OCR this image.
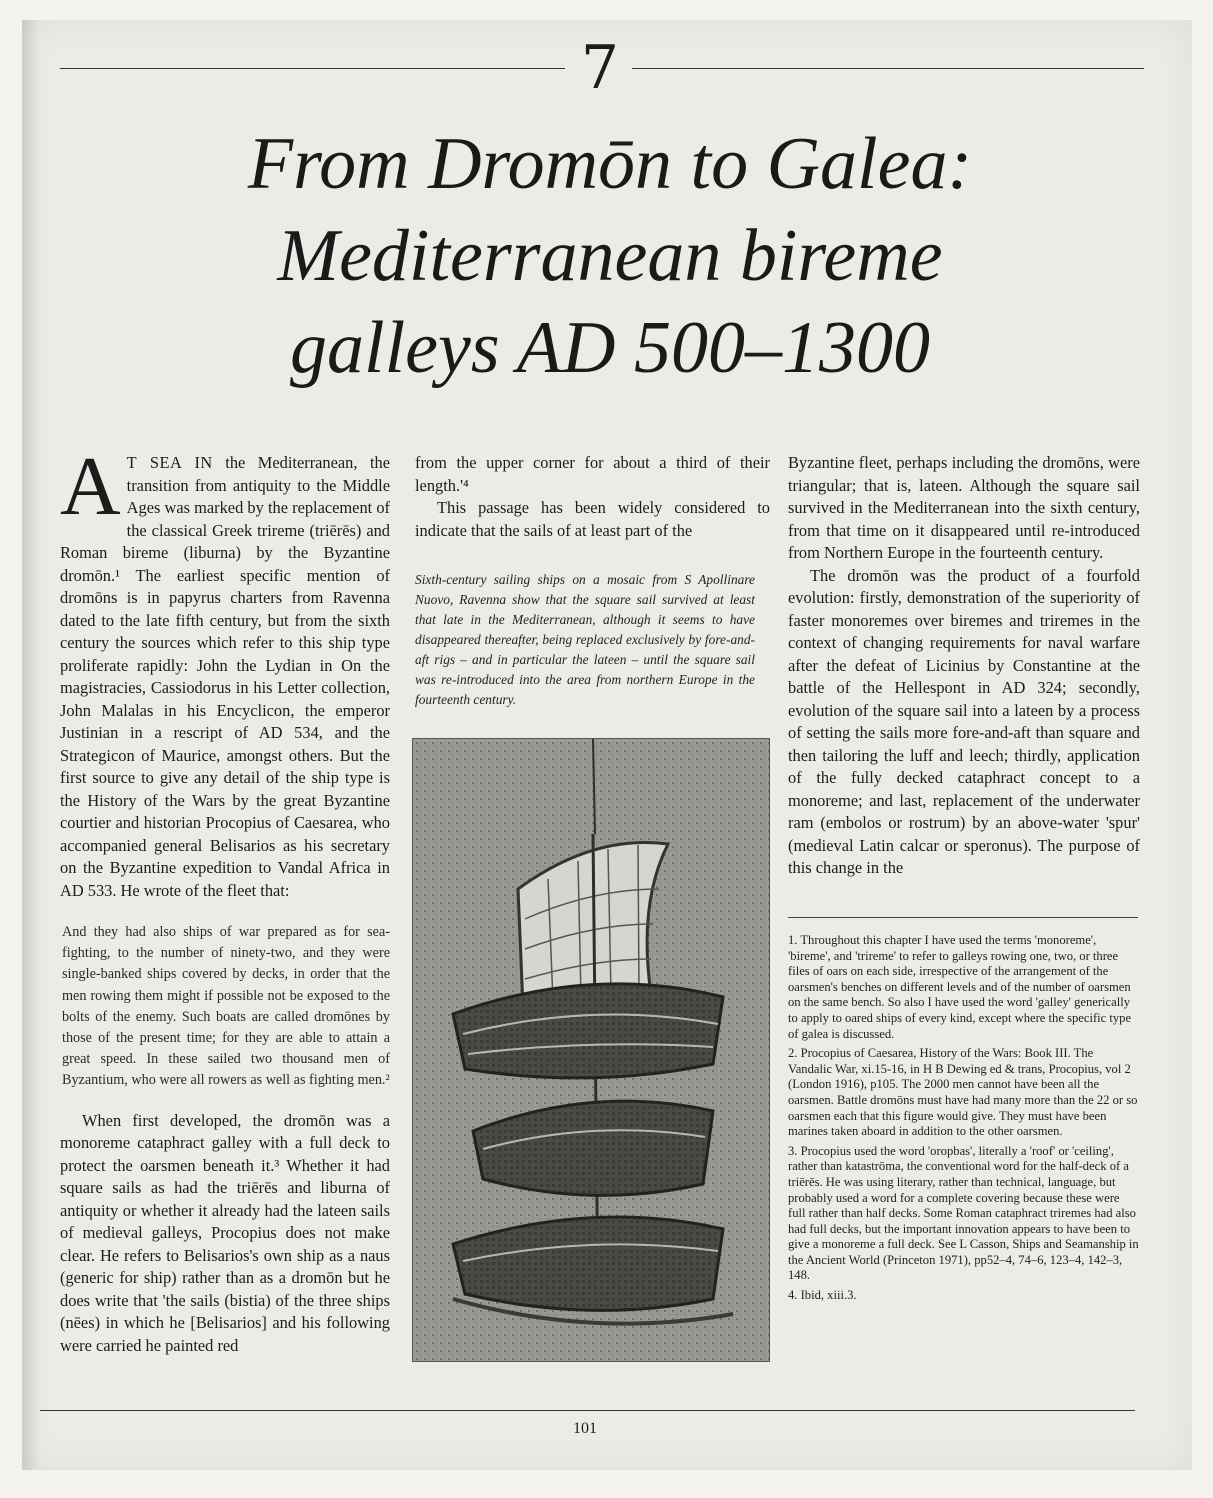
7
From Dromōn to Galea:
Mediterranean bireme
galleys AD 500–1300

A T SEA IN the Mediterranean, the transition from antiquity to the Middle Ages was marked by the replacement of the classical Greek trireme (triērēs) and Roman bireme (liburna) by the Byzantine dromōn.¹ The earliest specific mention of dromōns is in papyrus charters from Ravenna dated to the late fifth century, but from the sixth century the sources which refer to this ship type proliferate rapidly: John the Lydian in On the magistracies, Cassiodorus in his Letter collection, John Malalas in his Encyclicon, the emperor Justinian in a rescript of AD 534, and the Strategicon of Maurice, amongst others. But the first source to give any detail of the ship type is the History of the Wars by the great Byzantine courtier and historian Procopius of Caesarea, who accompanied general Belisarios as his secretary on the Byzantine expedition to Vandal Africa in AD 533. He wrote of the fleet that:

And they had also ships of war prepared as for sea-fighting, to the number of ninety-two, and they were single-banked ships covered by decks, in order that the men rowing them might if possible not be exposed to the bolts of the enemy. Such boats are called dromōnes by those of the present time; for they are able to attain a great speed. In these sailed two thousand men of Byzantium, who were all rowers as well as fighting men.²

When first developed, the dromōn was a monoreme cataphract galley with a full deck to protect the oarsmen beneath it.³ Whether it had square sails as had the triērēs and liburna of antiquity or whether it already had the lateen sails of medieval galleys, Procopius does not make clear. He refers to Belisarios's own ship as a naus (generic for ship) rather than as a dromōn but he does write that 'the sails (bistia) of the three ships (nēes) in which he [Belisarios] and his following were carried he painted red

from the upper corner for about a third of their length.'⁴

This passage has been widely considered to indicate that the sails of at least part of the

Sixth-century sailing ships on a mosaic from S Apollinare Nuovo, Ravenna show that the square sail survived at least that late in the Mediterranean, although it seems to have disappeared thereafter, being replaced exclusively by fore-and-aft rigs – and in particular the lateen – until the square sail was re-introduced into the area from northern Europe in the fourteenth century.

Byzantine fleet, perhaps including the dromōns, were triangular; that is, lateen. Although the square sail survived in the Mediterranean into the sixth century, from that time on it disappeared until re-introduced from Northern Europe in the fourteenth century.

The dromōn was the product of a fourfold evolution: firstly, demonstration of the superiority of faster monoremes over biremes and triremes in the context of changing requirements for naval warfare after the defeat of Licinius by Constantine at the battle of the Hellespont in AD 324; secondly, evolution of the square sail into a lateen by a process of setting the sails more fore-and-aft than square and then tailoring the luff and leech; thirdly, application of the fully decked cataphract concept to a monoreme; and last, replacement of the underwater ram (embolos or rostrum) by an above-water 'spur' (medieval Latin calcar or speronus). The purpose of this change in the

1. Throughout this chapter I have used the terms 'monoreme', 'bireme', and 'trireme' to refer to galleys rowing one, two, or three files of oars on each side, irrespective of the arrangement of the oarsmen's benches on different levels and of the number of oarsmen on the same bench. So also I have used the word 'galley' generically to apply to oared ships of every kind, except where the specific type of galea is discussed.

2. Procopius of Caesarea, History of the Wars: Book III. The Vandalic War, xi.15-16, in H B Dewing ed & trans, Procopius, vol 2 (London 1916), p105. The 2000 men cannot have been all the oarsmen. Battle dromōns must have had many more than the 22 or so oarsmen each that this figure would give. They must have been marines taken aboard in addition to the other oarsmen.

3. Procopius used the word 'oropbas', literally a 'roof' or 'ceiling', rather than katastrōma, the conventional word for the half-deck of a triērēs. He was using literary, rather than technical, language, but probably used a word for a complete covering because these were full rather than half decks. Some Roman cataphract triremes had also had full decks, but the important innovation appears to have been to give a monoreme a full deck. See L Casson, Ships and Seamanship in the Ancient World (Princeton 1971), pp52–4, 74–6, 123–4, 142–3, 148.

4. Ibid, xiii.3.

101
